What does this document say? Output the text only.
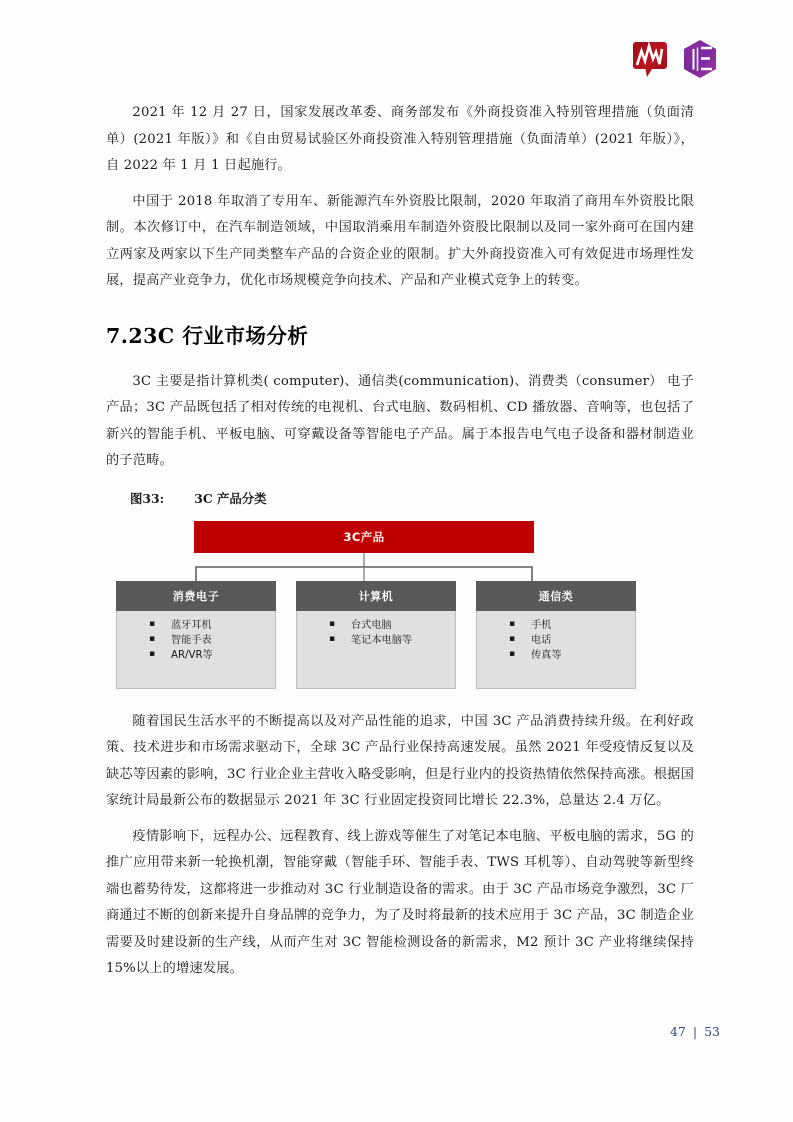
2021 年 12 月 27 日，国家发展改革委、商务部发布《外商投资准入特别管理措施（负面清单）(2021 年版）》和《自由贸易试验区外商投资准入特别管理措施（负面清单）(2021 年版）》，自 2022 年 1 月 1 日起施行。

中国于 2018 年取消了专用车、新能源汽车外资股比限制，2020 年取消了商用车外资股比限制。本次修订中，在汽车制造领域，中国取消乘用车制造外资股比限制以及同一家外商可在国内建立两家及两家以下生产同类整车产品的合资企业的限制。扩大外商投资准入可有效促进市场理性发展，提高产业竞争力，优化市场规模竞争向技术、产品和产业模式竞争上的转变。

7.23C 行业市场分析

3C 主要是指计算机类( computer)、通信类(communication)、消费类（consumer） 电子产品；3C 产品既包括了相对传统的电视机、台式电脑、数码相机、CD 播放器、音响等，也包括了新兴的智能手机、平板电脑、可穿戴设备等智能电子产品。属于本报告电气电子设备和器材制造业的子范畴。

图33: 3C 产品分类
3C产品
消费电子
▪ 蓝牙耳机
▪ 智能手表
▪ AR/VR等
计算机
▪ 台式电脑
▪ 笔记本电脑等
通信类
▪ 手机
▪ 电话
▪ 传真等

随着国民生活水平的不断提高以及对产品性能的追求，中国 3C 产品消费持续升级。在利好政策、技术进步和市场需求驱动下，全球 3C 产品行业保持高速发展。虽然 2021 年受疫情反复以及缺芯等因素的影响，3C 行业企业主营收入略受影响，但是行业内的投资热情依然保持高涨。根据国家统计局最新公布的数据显示 2021 年 3C 行业固定投资同比增长 22.3%，总量达 2.4 万亿。

疫情影响下，远程办公、远程教育、线上游戏等催生了对笔记本电脑、平板电脑的需求，5G 的推广应用带来新一轮换机潮，智能穿戴（智能手环、智能手表、TWS 耳机等）、自动驾驶等新型终端也蓄势待发，这都将进一步推动对 3C 行业制造设备的需求。由于 3C 产品市场竞争激烈，3C 厂商通过不断的创新来提升自身品牌的竞争力，为了及时将最新的技术应用于 3C 产品，3C 制造企业需要及时建设新的生产线，从而产生对 3C 智能检测设备的新需求，M2 预计 3C 产业将继续保持 15%以上的增速发展。

47 | 53
